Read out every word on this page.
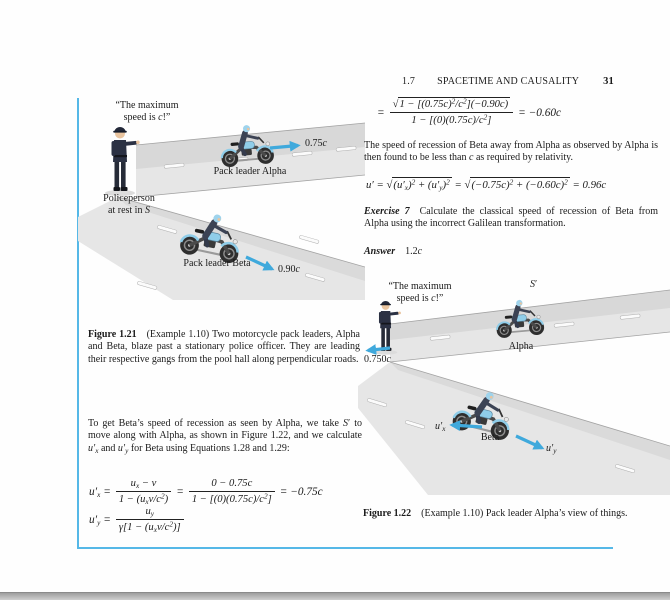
1.7 SPACETIME AND CAUSALITY 31
“The maximum
speed is c!”
Policeperson
at rest in S
0.75c
Pack leader Alpha
Pack leader Beta
0.90c
Figure 1.21 (Example 1.10) Two motorcycle pack leaders, Alpha and Beta, blaze past a stationary police officer. They are leading their respective gangs from the pool hall along perpendicular roads.
To get Beta’s speed of recession as seen by Alpha, we take S′ to move along with Alpha, as shown in Figure 1.22, and we calculate $u'_x$ and $u'_y$ for Beta using Equations 1.28 and 1.29:
$u'_x = \frac{u_x - v}{1 - (u_xv/c^2)} = \frac{0 - 0.75c}{1 - [(0)(0.75c)/c^2]} = -0.75c$
$u'_y = \frac{u_y}{\gamma[1 - (u_xv/c^2)]}$
= $\frac{√1 - [(0.75c)^2/c^2](-0.90c)}{1 - [(0)(0.75c)/c^2]} = -0.60c$
The speed of recession of Beta away from Alpha as observed by Alpha is then found to be less than c as required by relativity.
$u' = √(u'_x)^2 + (u'_y)^2 = √(-0.75c)^2 + (-0.60c)^2 = 0.96c$
Exercise 7 Calculate the classical speed of recession of Beta from Alpha using the incorrect Galilean transformation.
Answer 1.2c
“The maximum
speed is c!”
S′
0.750c
Alpha
$u'_x$
Beta
$u'_y$
Figure 1.22 (Example 1.10) Pack leader Alpha’s view of things.
